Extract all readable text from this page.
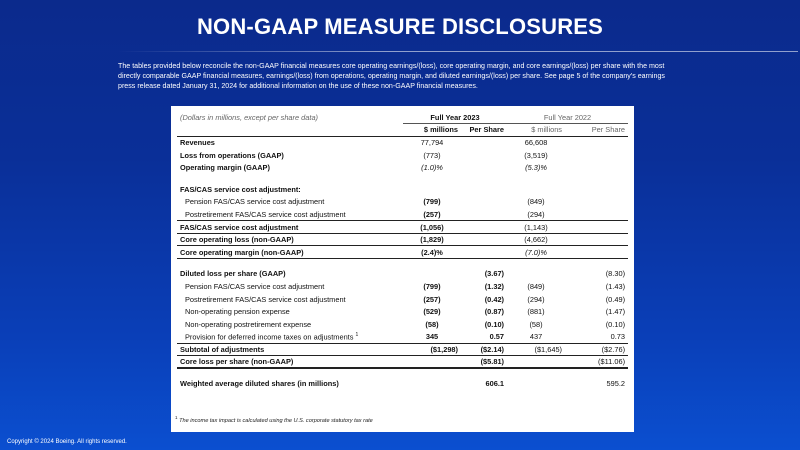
NON-GAAP MEASURE DISCLOSURES
The tables provided below reconcile the non-GAAP financial measures core operating earnings/(loss), core operating margin, and core earnings/(loss) per share with the most directly comparable GAAP financial measures, earnings/(loss) from operations, operating margin, and diluted earnings/(loss) per share. See page 5 of the company's earnings press release dated January 31, 2024 for additional information on the use of these non-GAAP financial measures.
(Dollars in millions, except per share data)	Full Year 2023		Full Year 2022	
	$ millions	Per Share	$ millions	Per Share
Revenues	77,794		66,608	
Loss from operations (GAAP)	(773)		(3,519)	
Operating margin (GAAP)	(1.0)%		(5.3)%	

FAS/CAS service cost adjustment:				
Pension FAS/CAS service cost adjustment	(799)		(849)	
Postretirement FAS/CAS service cost adjustment	(257)		(294)	
FAS/CAS service cost adjustment	(1,056)		(1,143)	
Core operating loss (non-GAAP)	(1,829)		(4,662)	
Core operating margin (non-GAAP)	(2.4)%		(7.0)%	

Diluted loss per share (GAAP)		(3.67)		(8.30)
Pension FAS/CAS service cost adjustment	(799)	(1.32)	(849)	(1.43)
Postretirement FAS/CAS service cost adjustment	(257)	(0.42)	(294)	(0.49)
Non-operating pension expense	(529)	(0.87)	(881)	(1.47)
Non-operating postretirement expense	(58)	(0.10)	(58)	(0.10)
Provision for deferred income taxes on adjustments $^1$	345	0.57	437	0.73
Subtotal of adjustments	($1,298)	($2.14)	($1,645)	($2.76)
Core loss per share (non-GAAP)		($5.81)		($11.06)

Weighted average diluted shares (in millions)		606.1		595.2
$^1$ The income tax impact is calculated using the U.S. corporate statutory tax rate
Copyright © 2024 Boeing. All rights reserved.
